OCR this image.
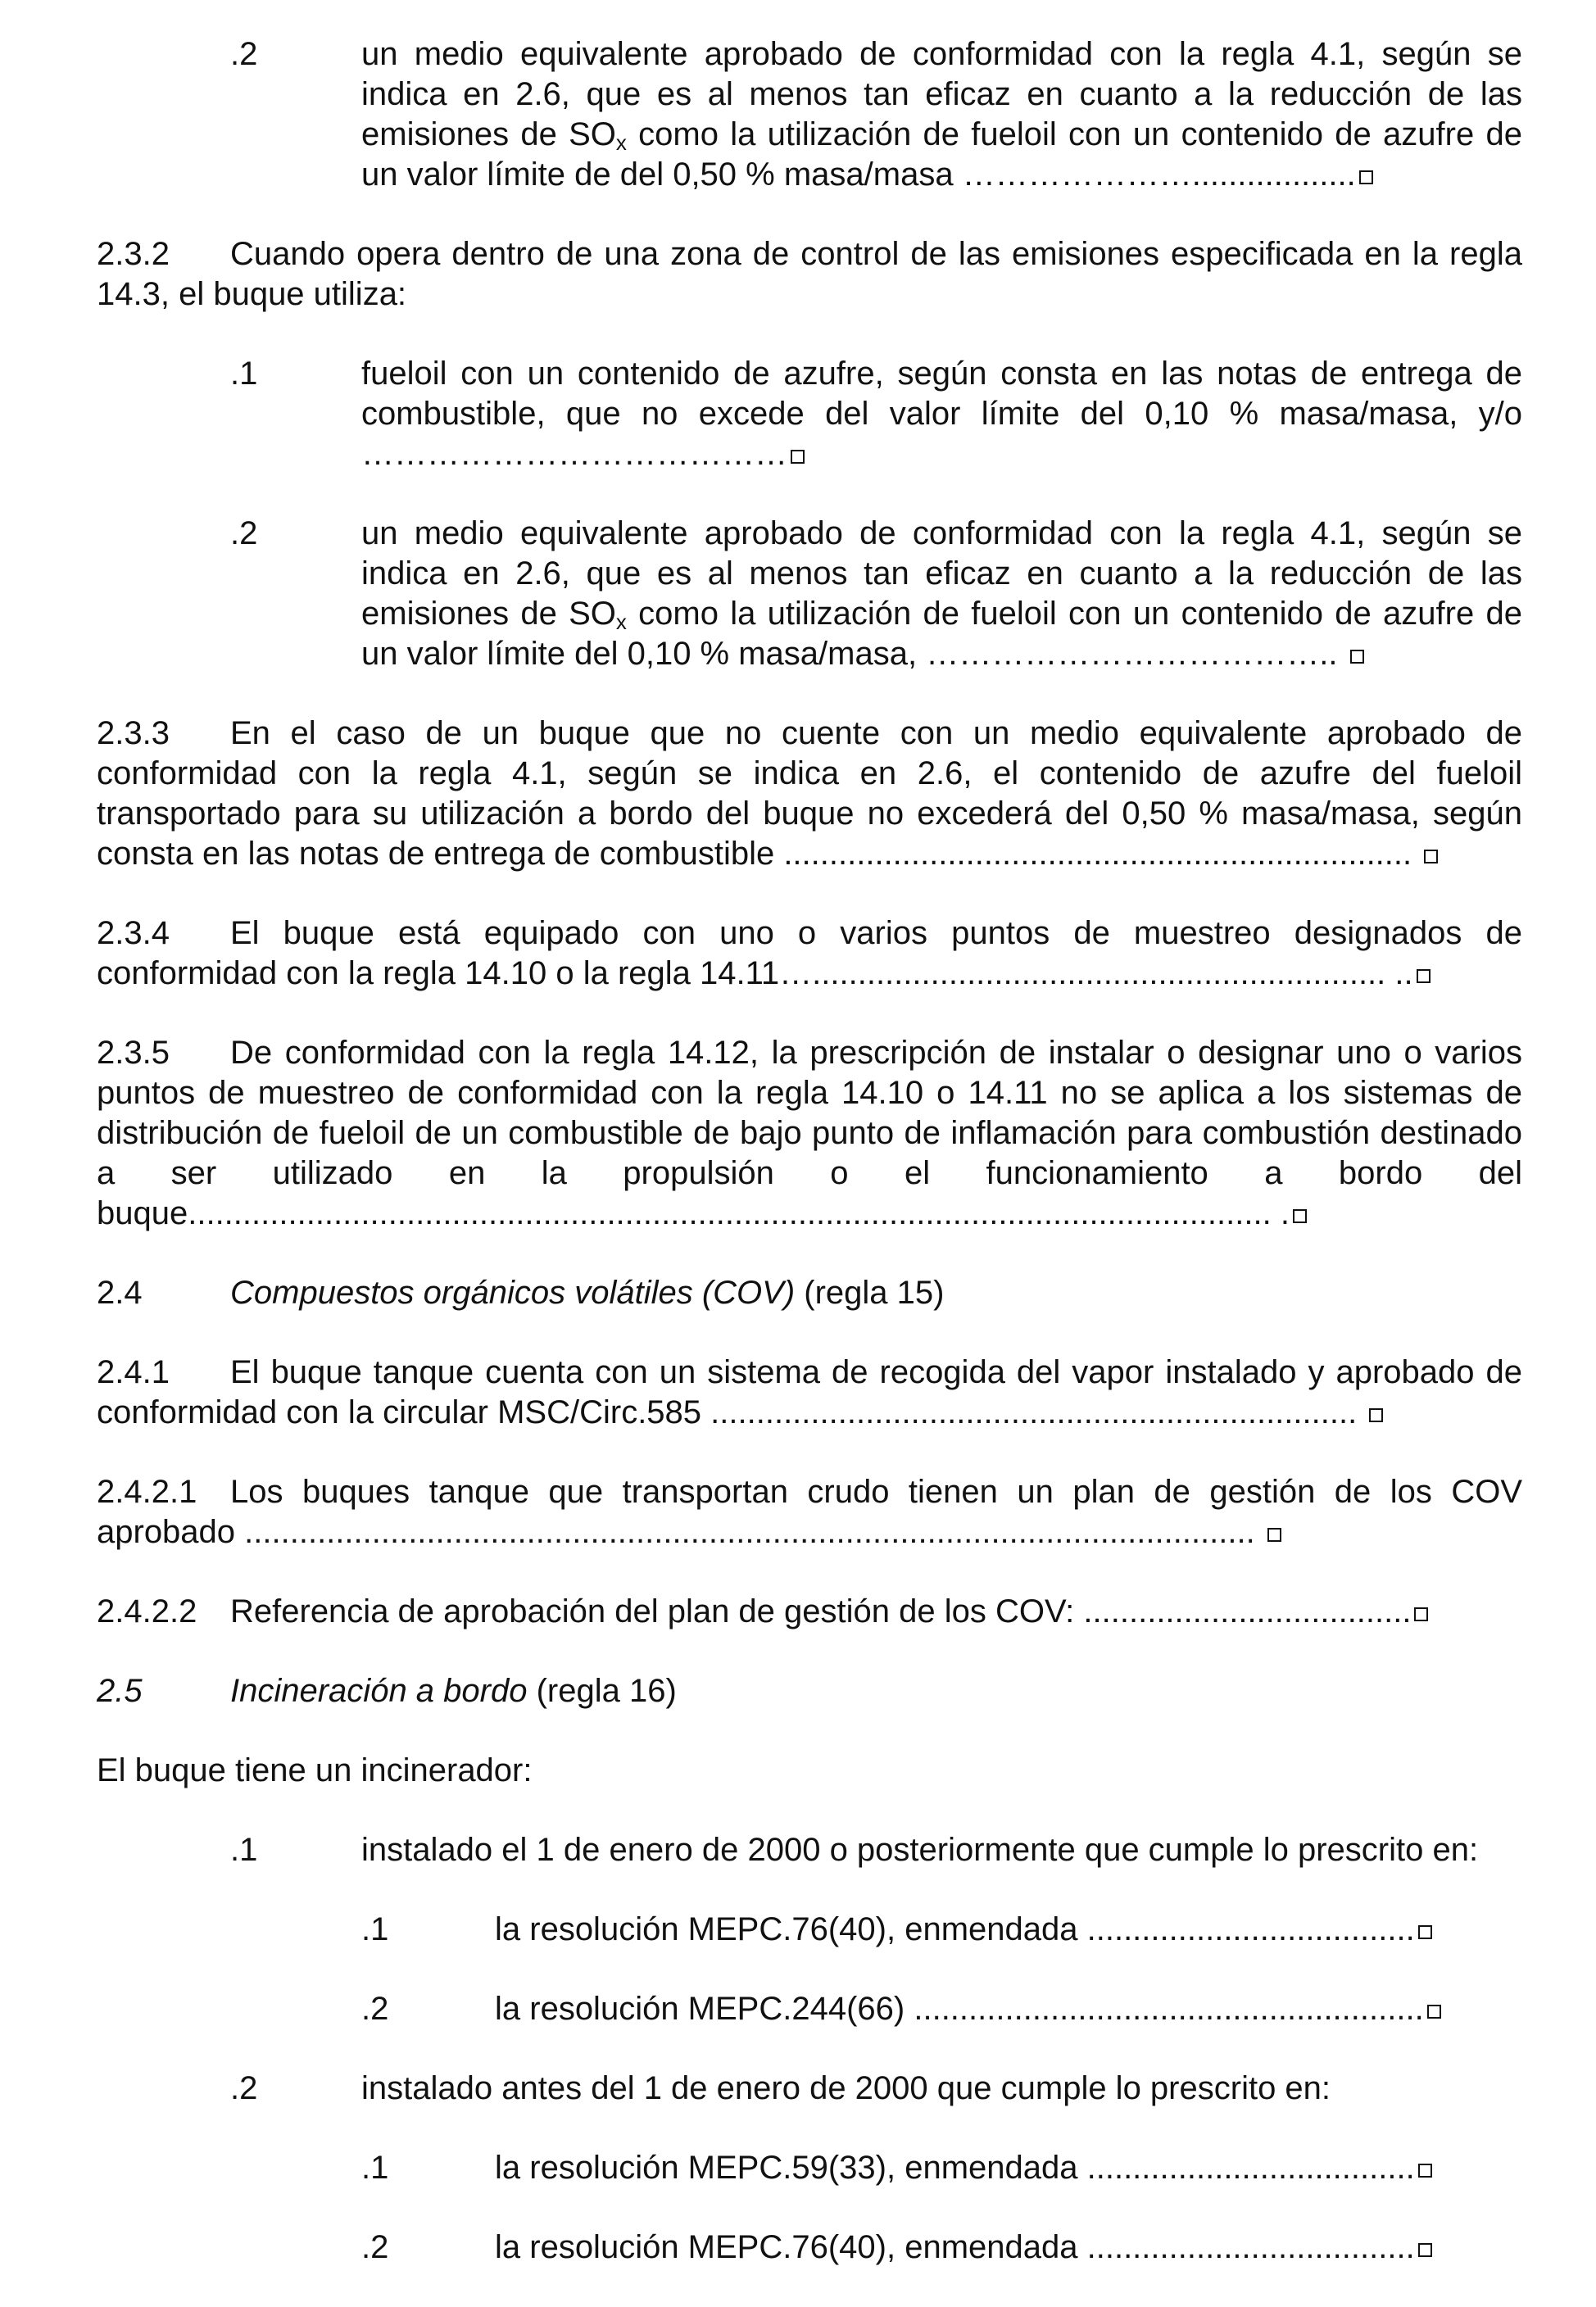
.2	un medio equivalente aprobado de conformidad con la regla 4.1, según se indica en 2.6, que es al menos tan eficaz en cuanto a la reducción de las emisiones de $SO_x$ como la utilización de fueloil con un contenido de azufre de un valor límite de del 0,50 % masa/masa …………………..................

2.3.2 Cuando opera dentro de una zona de control de las emisiones especificada en la regla 14.3, el buque utiliza:

.1	fueloil con un contenido de azufre, según consta en las notas de entrega de combustible, que no excede del valor límite del 0,10 % masa/masa, y/o …………………………………

.2	un medio equivalente aprobado de conformidad con la regla 4.1, según se indica en 2.6, que es al menos tan eficaz en cuanto a la reducción de las emisiones de $SO_x$ como la utilización de fueloil con un contenido de azufre de un valor límite del 0,10 % masa/masa, ………………………………..

2.3.3 En el caso de un buque que no cuente con un medio equivalente aprobado de conformidad con la regla 4.1, según se indica en 2.6, el contenido de azufre del fueloil transportado para su utilización a bordo del buque no excederá del 0,50 % masa/masa, según consta en las notas de entrega de combustible .....................................................................

2.3.4 El buque está equipado con uno o varios puntos de muestreo designados de conformidad con la regla 14.10 o la regla 14.11…............................................................... ..

2.3.5 De conformidad con la regla 14.12, la prescripción de instalar o designar uno o varios puntos de muestreo de conformidad con la regla 14.10 o 14.11 no se aplica a los sistemas de distribución de fueloil de un combustible de bajo punto de inflamación para combustión destinado a ser utilizado en la propulsión o el funcionamiento a bordo del buque....................................................................................................................... .

2.4	Compuestos orgánicos volátiles (COV) (regla 15)

2.4.1 El buque tanque cuenta con un sistema de recogida del vapor instalado y aprobado de conformidad con la circular MSC/Circ.585 .......................................................................

2.4.2.1 Los buques tanque que transportan crudo tienen un plan de gestión de los COV aprobado ...............................................................................................................

2.4.2.2 Referencia de aprobación del plan de gestión de los COV: ....................................

2.5	Incineración a bordo (regla 16)

El buque tiene un incinerador:

.1	instalado el 1 de enero de 2000 o posteriormente que cumple lo prescrito en:

.1	la resolución MEPC.76(40), enmendada ....................................

.2	la resolución MEPC.244(66) ........................................................

.2	instalado antes del 1 de enero de 2000 que cumple lo prescrito en:

.1	la resolución MEPC.59(33), enmendada ....................................

.2	la resolución MEPC.76(40), enmendada ....................................
